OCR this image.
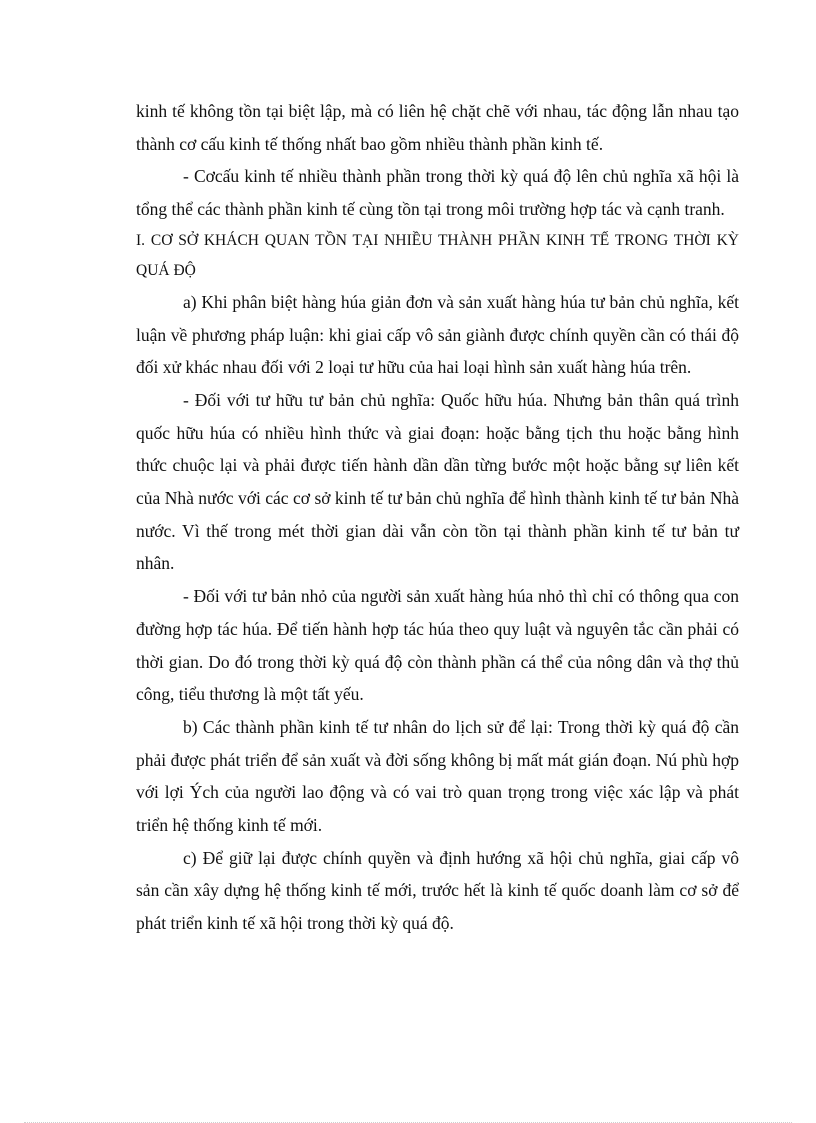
kinh tế không tồn tại biệt lập, mà có liên hệ chặt chẽ với nhau, tác động lẫn nhau tạo thành cơ cấu kinh tế thống nhất bao gồm nhiều thành phần kinh tế.

- Cơcấu kinh tế nhiều thành phần trong thời kỳ quá độ lên chủ nghĩa xã hội là tổng thể các thành phần kinh tế cùng tồn tại trong môi trường hợp tác và cạnh tranh.

I. CƠ SỞ KHÁCH QUAN TỒN TẠI NHIỀU THÀNH PHẦN KINH TẾ TRONG THỜI KỲ QUÁ ĐỘ

a) Khi phân biệt hàng húa giản đơn và sản xuất hàng húa tư bản chủ nghĩa, kết luận về phương pháp luận: khi giai cấp vô sản giành được chính quyền cần có thái độ đối xử khác nhau đối với 2 loại tư hữu của hai loại hình sản xuất hàng húa trên.

- Đối với tư hữu tư bản chủ nghĩa: Quốc hữu húa. Nhưng bản thân quá trình quốc hữu húa có nhiều hình thức và giai đoạn: hoặc bằng tịch thu hoặc bằng hình thức chuộc lại và phải được tiến hành dần dần từng bước một hoặc bằng sự liên kết của Nhà nước với các cơ sở kinh tế tư bản chủ nghĩa để hình thành kinh tế tư bản Nhà nước. Vì thế trong mét thời gian dài vẫn còn tồn tại thành phần kinh tế tư bản tư nhân.

- Đối với tư bản nhỏ của người sản xuất hàng húa nhỏ thì chỉ có thông qua con đường hợp tác húa. Để tiến hành hợp tác húa theo quy luật và nguyên tắc cần phải có thời gian. Do đó trong thời kỳ quá độ còn thành phần cá thể của nông dân và thợ thủ công, tiểu thương là một tất yếu.

b) Các thành phần kinh tế tư nhân do lịch sử để lại: Trong thời kỳ quá độ cần phải được phát triển để sản xuất và đời sống không bị mất mát gián đoạn. Nú phù hợp với lợi Ých của người lao động và có vai trò quan trọng trong việc xác lập và phát triển hệ thống kinh tế mới.

c) Để giữ lại được chính quyền và định hướng xã hội chủ nghĩa, giai cấp vô sản cần xây dựng hệ thống kinh tế mới, trước hết là kinh tế quốc doanh làm cơ sở để phát triển kinh tế xã hội trong thời kỳ quá độ.
